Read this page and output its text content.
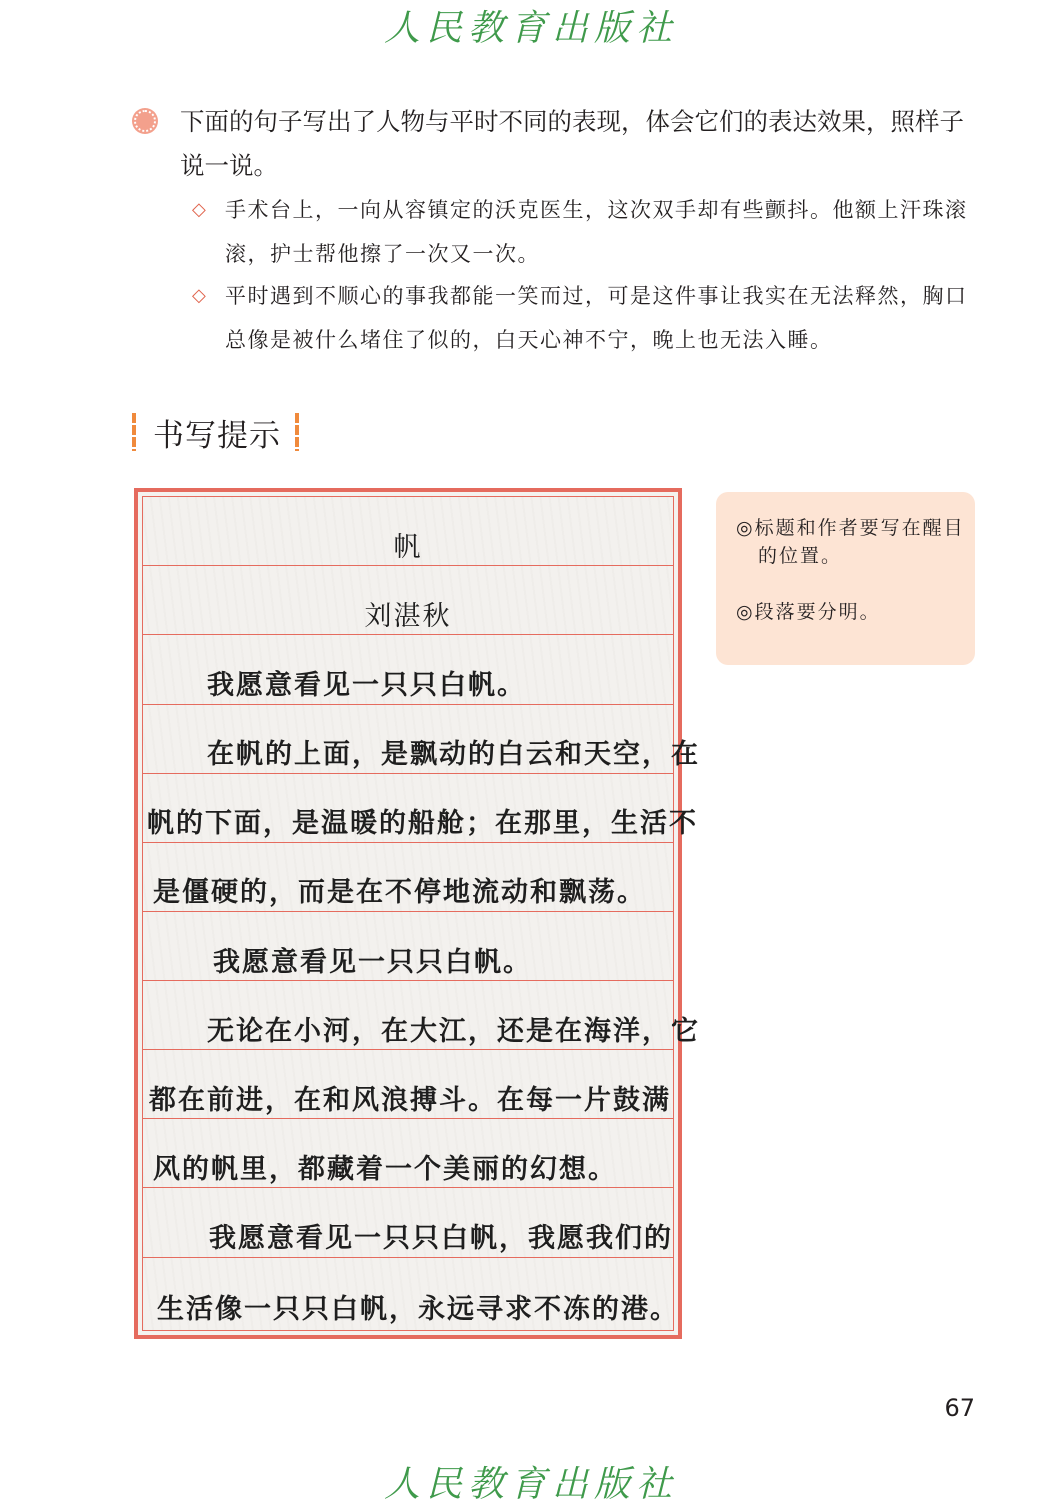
人民教育出版社

下面的句子写出了人物与平时不同的表现，体会它们的表达效果，照样子说一说。

◇ 手术台上，一向从容镇定的沃克医生，这次双手却有些颤抖。他额上汗珠滚滚，护士帮他擦了一次又一次。

◇ 平时遇到不顺心的事我都能一笑而过，可是这件事让我实在无法释然，胸口总像是被什么堵住了似的，白天心神不宁，晚上也无法入睡。

书写提示
帆
刘湛秋
我愿意看见一只只白帆。
在帆的上面，是飘动的白云和天空，在
帆的下面，是温暖的船舱；在那里，生活不
是僵硬的，而是在不停地流动和飘荡。
我愿意看见一只只白帆。
无论在小河，在大江，还是在海洋，它
都在前进，在和风浪搏斗。在每一片鼓满
风的帆里，都藏着一个美丽的幻想。
我愿意看见一只只白帆，我愿我们的
生活像一只只白帆，永远寻求不冻的港。

◎标题和作者要写在醒目的位置。

◎段落要分明。

67
人民教育出版社
